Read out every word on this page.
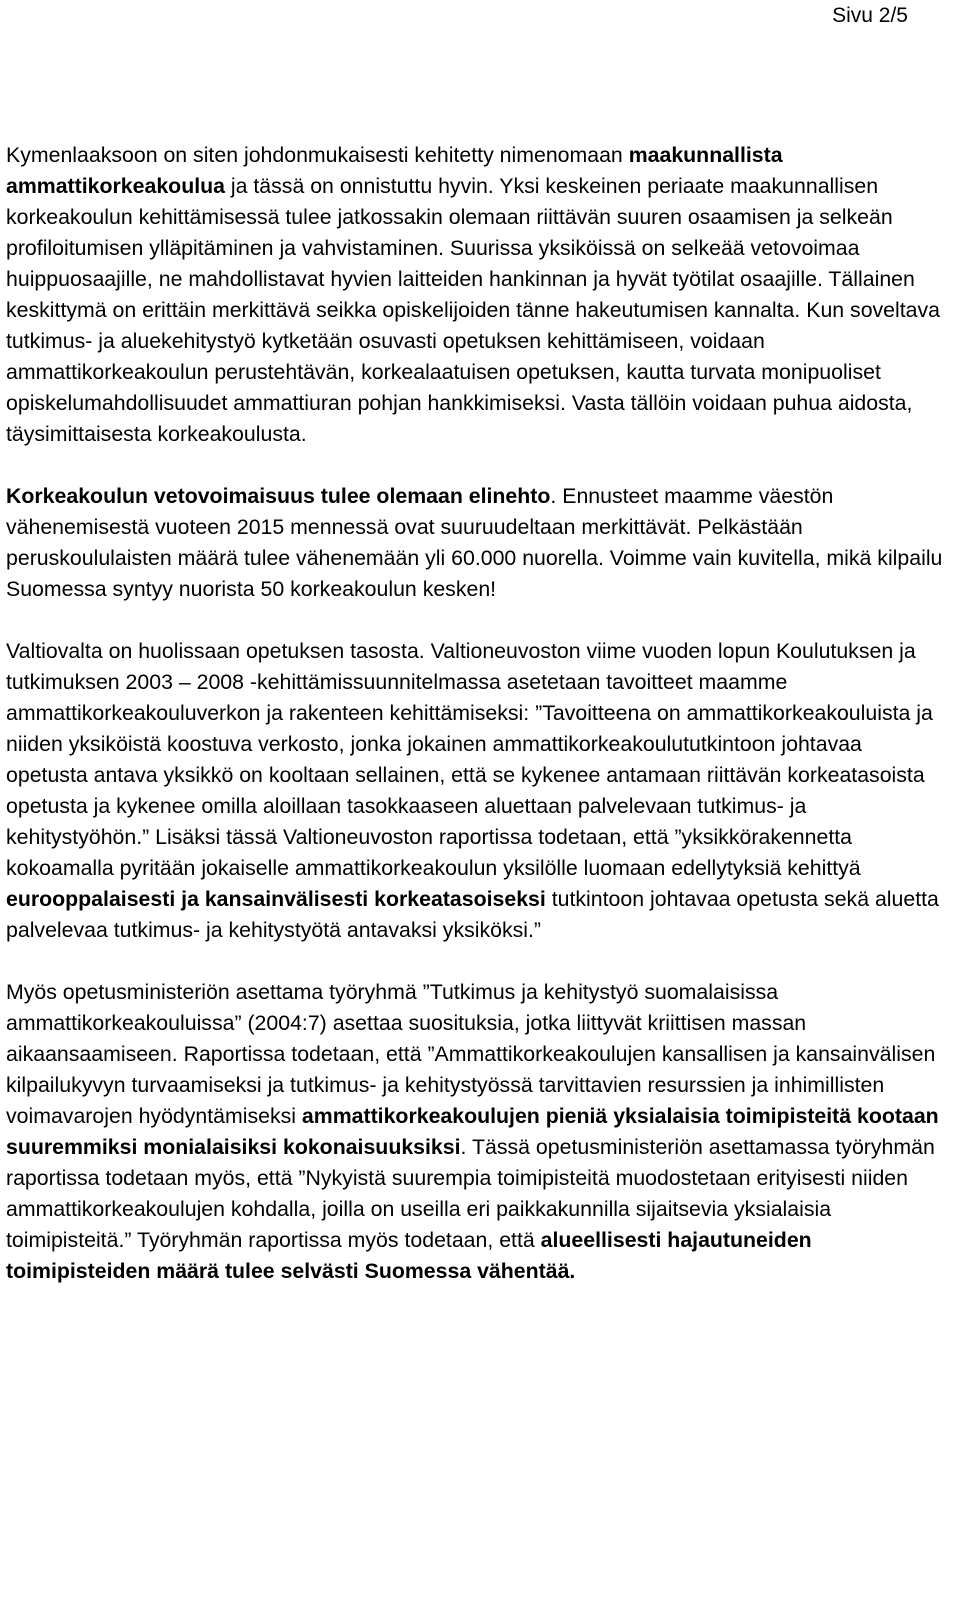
Sivu 2/5

Kymenlaaksoon on siten johdonmukaisesti kehitetty nimenomaan maakunnallista ammattikorkeakoulua ja tässä on onnistuttu hyvin. Yksi keskeinen periaate maakunnallisen korkeakoulun kehittämisessä tulee jatkossakin olemaan riittävän suuren osaamisen ja selkeän profiloitumisen ylläpitäminen ja vahvistaminen. Suurissa yksiköissä on selkeää vetovoimaa huippuosaajille, ne mahdollistavat hyvien laitteiden hankinnan ja hyvät työtilat osaajille. Tällainen keskittymä on erittäin merkittävä seikka opiskelijoiden tänne hakeutumisen kannalta. Kun soveltava tutkimus- ja aluekehitystyö kytketään osuvasti opetuksen kehittämiseen, voidaan ammattikorkeakoulun perustehtävän, korkealaatuisen opetuksen, kautta turvata monipuoliset opiskelumahdollisuudet ammattiuran pohjan hankkimiseksi. Vasta tällöin voidaan puhua aidosta, täysimittaisesta korkeakoulusta.

Korkeakoulun vetovoimaisuus tulee olemaan elinehto. Ennusteet maamme väestön vähenemisestä vuoteen 2015 mennessä ovat suuruudeltaan merkittävät. Pelkästään peruskoululaisten määrä tulee vähenemään yli 60.000 nuorella. Voimme vain kuvitella, mikä kilpailu Suomessa syntyy nuorista 50 korkeakoulun kesken!

Valtiovalta on huolissaan opetuksen tasosta. Valtioneuvoston viime vuoden lopun Koulutuksen ja tutkimuksen 2003 – 2008 -kehittämissuunnitelmassa asetetaan tavoitteet maamme ammattikorkeakouluverkon ja rakenteen kehittämiseksi: ”Tavoitteena on ammattikorkeakouluista ja niiden yksiköistä koostuva verkosto, jonka jokainen ammattikorkeakoulututkintoon johtavaa opetusta antava yksikkö on kooltaan sellainen, että se kykenee antamaan riittävän korkeatasoista opetusta ja kykenee omilla aloillaan tasokkaaseen aluettaan palvelevaan tutkimus- ja kehitystyöhön.” Lisäksi tässä Valtioneuvoston raportissa todetaan, että ”yksikkörakennetta kokoamalla pyritään jokaiselle ammattikorkeakoulun yksilölle luomaan edellytyksiä kehittyä eurooppalaisesti ja kansainvälisesti korkeatasoiseksi tutkintoon johtavaa opetusta sekä aluetta palvelevaa tutkimus- ja kehitystyötä antavaksi yksiköksi.”

Myös opetusministeriön asettama työryhmä ”Tutkimus ja kehitystyö suomalaisissa ammattikorkeakouluissa” (2004:7) asettaa suosituksia, jotka liittyvät kriittisen massan aikaansaamiseen. Raportissa todetaan, että ”Ammattikorkeakoulujen kansallisen ja kansainvälisen kilpailukyvyn turvaamiseksi ja tutkimus- ja kehitystyössä tarvittavien resurssien ja inhimillisten voimavarojen hyödyntämiseksi ammattikorkeakoulujen pieniä yksialaisia toimipisteitä kootaan suuremmiksi monialaisiksi kokonaisuuksiksi. Tässä opetusministeriön asettamassa työryhmän raportissa todetaan myös, että ”Nykyistä suurempia toimipisteitä muodostetaan erityisesti niiden ammattikorkeakoulujen kohdalla, joilla on useilla eri paikkakunnilla sijaitsevia yksialaisia toimipisteitä.” Työryhmän raportissa myös todetaan, että alueellisesti hajautuneiden toimipisteiden määrä tulee selvästi Suomessa vähentää.
